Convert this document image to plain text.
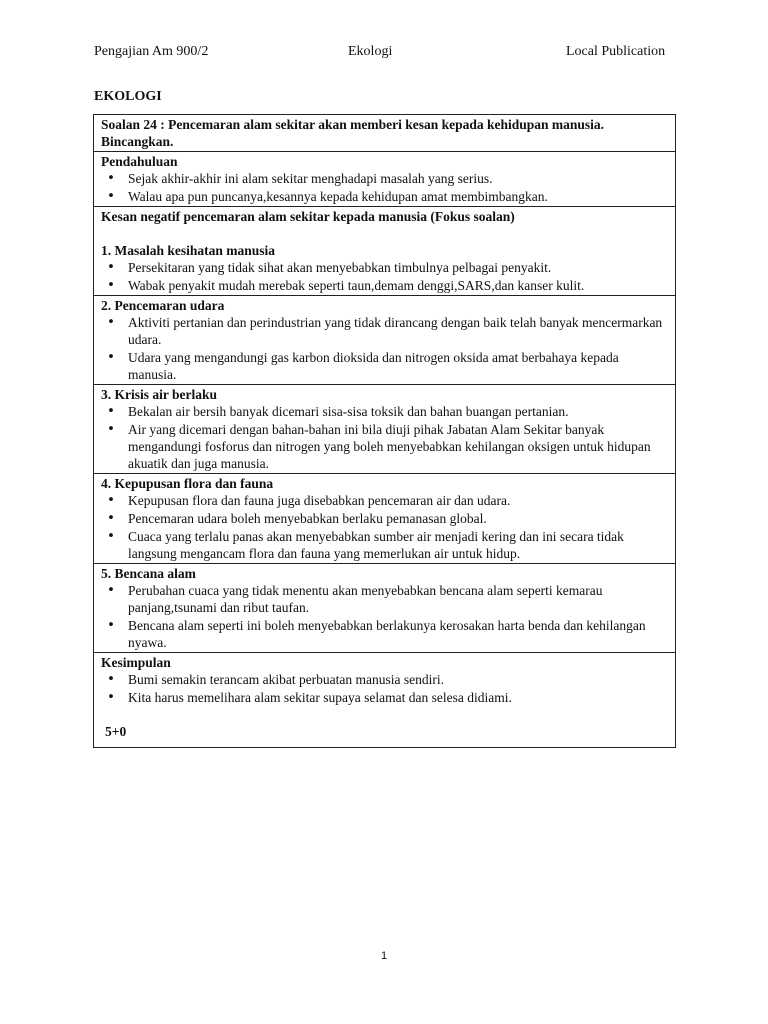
Pengajian Am 900/2	Ekologi	Local Publication
EKOLOGI
Soalan 24 : Pencemaran alam sekitar akan memberi kesan kepada kehidupan manusia. Bincangkan.

Pendahuluan
• Sejak akhir-akhir ini alam sekitar menghadapi masalah yang serius.
• Walau apa pun puncanya,kesannya kepada kehidupan amat membimbangkan.

Kesan negatif pencemaran alam sekitar kepada manusia (Fokus soalan)
1. Masalah kesihatan manusia
• Persekitaran yang tidak sihat akan menyebabkan timbulnya pelbagai penyakit.
• Wabak penyakit mudah merebak seperti taun,demam denggi,SARS,dan kanser kulit.

2. Pencemaran udara
• Aktiviti pertanian dan perindustrian yang tidak dirancang dengan baik telah banyak mencermarkan udara.
• Udara yang mengandungi gas karbon dioksida dan nitrogen oksida amat berbahaya kepada manusia.

3. Krisis air berlaku
• Bekalan air bersih banyak dicemari sisa-sisa toksik dan bahan buangan pertanian.
• Air yang dicemari dengan bahan-bahan ini bila diuji pihak Jabatan Alam Sekitar banyak mengandungi fosforus dan nitrogen yang boleh menyebabkan kehilangan oksigen untuk hidupan akuatik dan juga manusia.

4. Kepupusan flora dan fauna
• Kepupusan flora dan fauna juga disebabkan pencemaran air dan udara.
• Pencemaran udara boleh menyebabkan berlaku pemanasan global.
• Cuaca yang terlalu panas akan menyebabkan sumber air menjadi kering dan ini secara tidak langsung mengancam flora dan fauna yang memerlukan air untuk hidup.

5. Bencana alam
• Perubahan cuaca yang tidak menentu akan menyebabkan bencana alam seperti kemarau panjang,tsunami dan ribut taufan.
• Bencana alam seperti ini boleh menyebabkan berlakunya kerosakan harta benda dan kehilangan nyawa.

Kesimpulan
• Bumi semakin terancam akibat perbuatan manusia sendiri.
• Kita harus memelihara alam sekitar supaya selamat dan selesa didiami.
5+0
1
